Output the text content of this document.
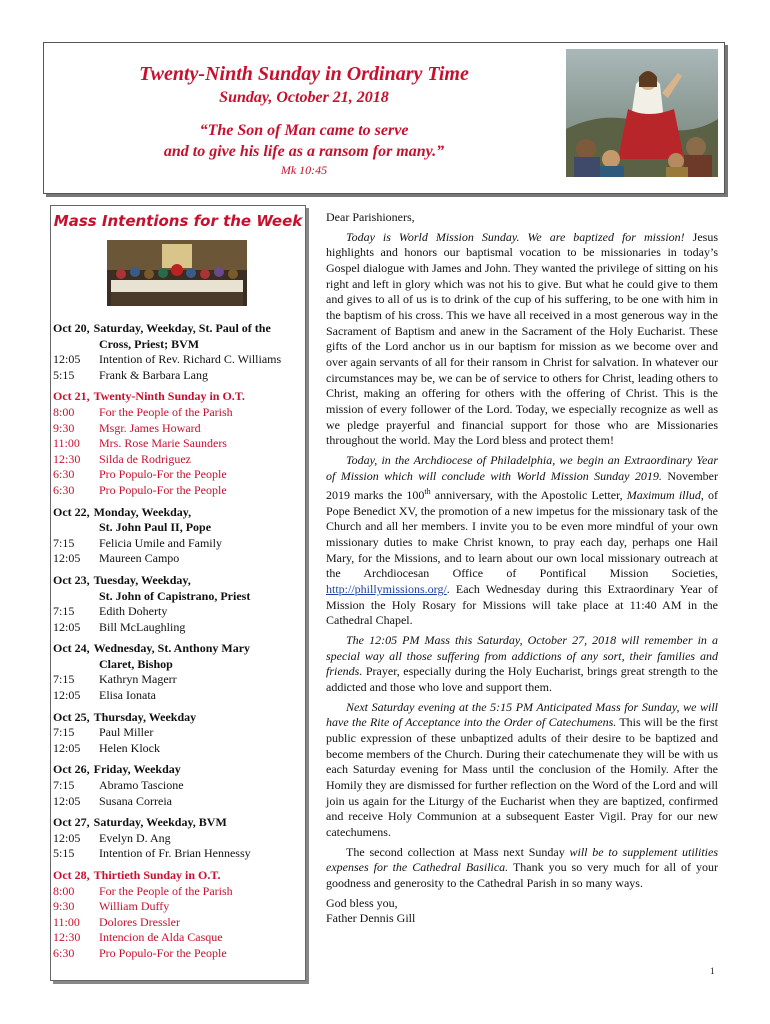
Twenty-Ninth Sunday in Ordinary Time
Sunday, October 21, 2018
“The Son of Man came to serve
and to give his life as a ransom for many.”
Mk 10:45
Mass Intentions for the Week
Oct 20, Saturday, Weekday, St. Paul of the
Cross, Priest; BVM
12:05	Intention of Rev. Richard C. Williams
5:15	Frank & Barbara Lang
Oct 21, Twenty-Ninth Sunday in O.T.
8:00	For the People of the Parish
9:30	Msgr. James Howard
11:00	Mrs. Rose Marie Saunders
12:30	Silda de Rodriguez
6:30	Pro Populo-For the People
6:30	Pro Populo-For the People
Oct 22, Monday, Weekday,
St. John Paul II, Pope
7:15	Felicia Umile and Family
12:05	Maureen Campo
Oct 23, Tuesday, Weekday,
St. John of Capistrano, Priest
7:15	Edith Doherty
12:05	Bill McLaughling
Oct 24, Wednesday, St. Anthony Mary
Claret, Bishop
7:15	Kathryn Magerr
12:05	Elisa Ionata
Oct 25, Thursday, Weekday
7:15	Paul Miller
12:05	Helen Klock
Oct 26, Friday, Weekday
7:15	Abramo Tascione
12:05	Susana Correia
Oct 27, Saturday, Weekday, BVM
12:05	Evelyn D. Ang
5:15	Intention of Fr. Brian Hennessy
Oct 28, Thirtieth Sunday in O.T.
8:00	For the People of the Parish
9:30	William Duffy
11:00	Dolores Dressler
12:30	Intencion de Alda Casque
6:30	Pro Populo-For the People

Dear Parishioners,

Today is World Mission Sunday. We are baptized for mission! Jesus highlights and honors our baptismal vocation to be missionaries in today’s Gospel dialogue with James and John. They wanted the privilege of sitting on his right and left in glory which was not his to give. But what he could give to them and gives to all of us is to drink of the cup of his suffering, to be one with him in the baptism of his cross. This we have all received in a most generous way in the Sacrament of Baptism and anew in the Sacrament of the Holy Eucharist. These gifts of the Lord anchor us in our baptism for mission as we become over and over again servants of all for their ransom in Christ for salvation. In whatever our circumstances may be, we can be of service to others for Christ, leading others to Christ, making an offering for others with the offering of Christ. This is the mission of every follower of the Lord. Today, we especially recognize as well as we pledge prayerful and financial support for those who are Missionaries throughout the world. May the Lord bless and protect them!

Today, in the Archdiocese of Philadelphia, we begin an Extraordinary Year of Mission which will conclude with World Mission Sunday 2019. November 2019 marks the 100th anniversary, with the Apostolic Letter, Maximum illud, of Pope Benedict XV, the promotion of a new impetus for the missionary task of the Church and all her members. I invite you to be even more mindful of your own missionary duties to make Christ known, to pray each day, perhaps one Hail Mary, for the Missions, and to learn about our own local missionary outreach at the Archdiocesan Office of Pontifical Mission Societies, http://phillymissions.org/. Each Wednesday during this Extraordinary Year of Mission the Holy Rosary for Missions will take place at 11:40 AM in the Cathedral Chapel.

The 12:05 PM Mass this Saturday, October 27, 2018 will remember in a special way all those suffering from addictions of any sort, their families and friends. Prayer, especially during the Holy Eucharist, brings great strength to the addicted and those who love and support them.

Next Saturday evening at the 5:15 PM Anticipated Mass for Sunday, we will have the Rite of Acceptance into the Order of Catechumens. This will be the first public expression of these unbaptized adults of their desire to be baptized and become members of the Church. During their catechumenate they will be with us each Saturday evening for Mass until the conclusion of the Homily. After the Homily they are dismissed for further reflection on the Word of the Lord and will join us again for the Liturgy of the Eucharist when they are baptized, confirmed and receive Holy Communion at a subsequent Easter Vigil. Pray for our new catechumens.

The second collection at Mass next Sunday will be to supplement utilities expenses for the Cathedral Basilica. Thank you so very much for all of your goodness and generosity to the Cathedral Parish in so many ways.

God bless you,

Father Dennis Gill

1
